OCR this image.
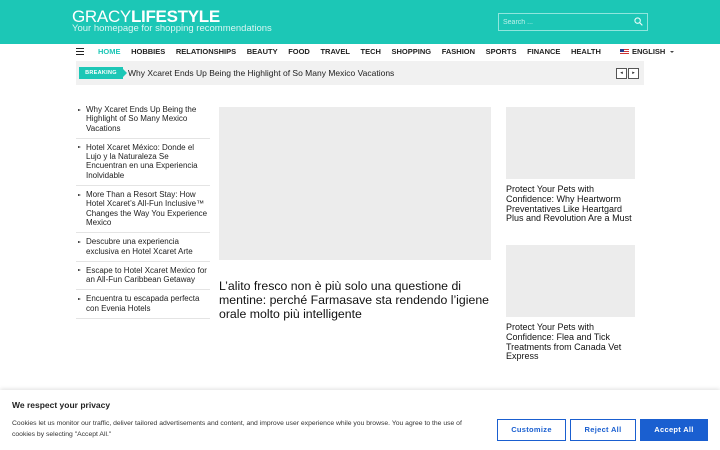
GRACYLIFESTYLE
Your homepage for shopping recommendations
Search ...
HOME HOBBIES RELATIONSHIPS BEAUTY FOOD TRAVEL TECH SHOPPING FASHION SPORTS FINANCE HEALTH	ENGLISH
BREAKING	Why Xcaret Ends Up Being the Highlight of So Many Mexico Vacations	◂	▸
Why Xcaret Ends Up Being the Highlight of So Many Mexico Vacations
Hotel Xcaret México: Donde el Lujo y la Naturaleza Se Encuentran en una Experiencia Inolvidable
More Than a Resort Stay: How Hotel Xcaret’s All-Fun Inclusive™ Changes the Way You Experience Mexico
Descubre una experiencia exclusiva en Hotel Xcaret Arte
Escape to Hotel Xcaret Mexico for an All-Fun Caribbean Getaway
Encuentra tu escapada perfecta con Evenia Hotels
L’alito fresco non è più solo una questione di mentine: perché Farmasave sta rendendo l’igiene orale molto più intelligente
Protect Your Pets with Confidence: Why Heartworm Preventatives Like Heartgard Plus and Revolution Are a Must
Protect Your Pets with Confidence: Flea and Tick Treatments from Canada Vet Express
We respect your privacy
Cookies let us monitor our traffic, deliver tailored advertisements and content, and improve user experience while you browse. You agree to the use of cookies by selecting "Accept All."
Customize	Reject All	Accept All
